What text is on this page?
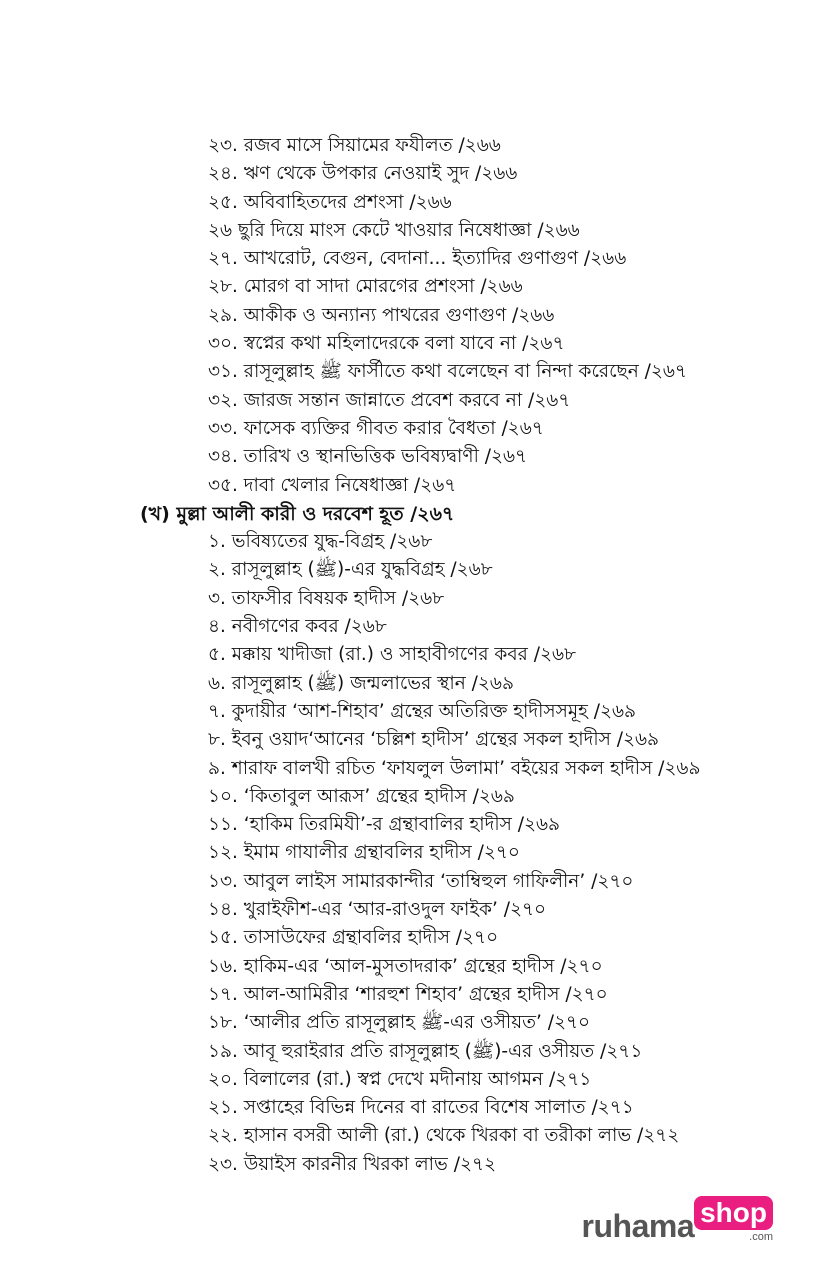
২৩. রজব মাসে সিয়ামের ফযীলত /২৬৬
২৪. ঋণ থেকে উপকার নেওয়াই সুদ /২৬৬
২৫. অবিবাহিতদের প্রশংসা /২৬৬
২৬ ছুরি দিয়ে মাংস কেটে খাওয়ার নিষেধাজ্ঞা /২৬৬
২৭. আখরোট, বেগুন, বেদানা... ইত্যাদির গুণাগুণ /২৬৬
২৮. মোরগ বা সাদা মোরগের প্রশংসা /২৬৬
২৯. আকীক ও অন্যান্য পাথরের গুণাগুণ /২৬৬
৩০. স্বপ্নের কথা মহিলাদেরকে বলা যাবে না /২৬৭
৩১. রাসূলুল্লাহ ﷺ ফার্সীতে কথা বলেছেন বা নিন্দা করেছেন /২৬৭
৩২. জারজ সন্তান জান্নাতে প্রবেশ করবে না /২৬৭
৩৩. ফাসেক ব্যক্তির গীবত করার বৈধতা /২৬৭
৩৪. তারিখ ও স্থানভিত্তিক ভবিষ্যদ্বাণী /২৬৭
৩৫. দাবা খেলার নিষেধাজ্ঞা /২৬৭
(খ) মুল্লা আলী কারী ও দরবেশ হূত /২৬৭
১. ভবিষ্যতের যুদ্ধ-বিগ্রহ /২৬৮
২. রাসূলুল্লাহ (ﷺ)-এর যুদ্ধবিগ্রহ /২৬৮
৩. তাফসীর বিষয়ক হাদীস /২৬৮
৪. নবীগণের কবর /২৬৮
৫. মক্কায় খাদীজা (রা.) ও সাহাবীগণের কবর /২৬৮
৬. রাসূলুল্লাহ (ﷺ) জন্মলাভের স্থান /২৬৯
৭. কুদায়ীর ‘আশ-শিহাব’ গ্রন্থের অতিরিক্ত হাদীসসমূহ /২৬৯
৮. ইবনু ওয়াদ‘আনের ‘চল্লিশ হাদীস’ গ্রন্থের সকল হাদীস /২৬৯
৯. শারাফ বালখী রচিত ‘ফাযলুল উলামা’ বইয়ের সকল হাদীস /২৬৯
১০. ‘কিতাবুল আরূস’ গ্রন্থের হাদীস /২৬৯
১১. ‘হাকিম তিরমিযী’-র গ্রন্থাবালির হাদীস /২৬৯
১২. ইমাম গাযালীর গ্রন্থাবলির হাদীস /২৭০
১৩. আবুল লাইস সামারকান্দীর ‘তাম্বিহুল গাফিলীন’ /২৭০
১৪. খুরাইফীশ-এর ‘আর-রাওদুল ফাইক’ /২৭০
১৫. তাসাউফের গ্রন্থাবলির হাদীস /২৭০
১৬. হাকিম-এর ‘আল-মুসতাদরাক’ গ্রন্থের হাদীস /২৭০
১৭. আল-আমিরীর ‘শারহুশ শিহাব’ গ্রন্থের হাদীস /২৭০
১৮. ‘আলীর প্রতি রাসূলুল্লাহ ﷺ-এর ওসীয়ত’ /২৭০
১৯. আবূ হুরাইরার প্রতি রাসূলুল্লাহ (ﷺ)-এর ওসীয়ত /২৭১
২০. বিলালের (রা.) স্বপ্ন দেখে মদীনায় আগমন /২৭১
২১. সপ্তাহের বিভিন্ন দিনের বা রাতের বিশেষ সালাত /২৭১
২২. হাসান বসরী আলী (রা.) থেকে খিরকা বা তরীকা লাভ /২৭২
২৩. উয়াইস কারনীর খিরকা লাভ /২৭২
ruhama shop
.com
